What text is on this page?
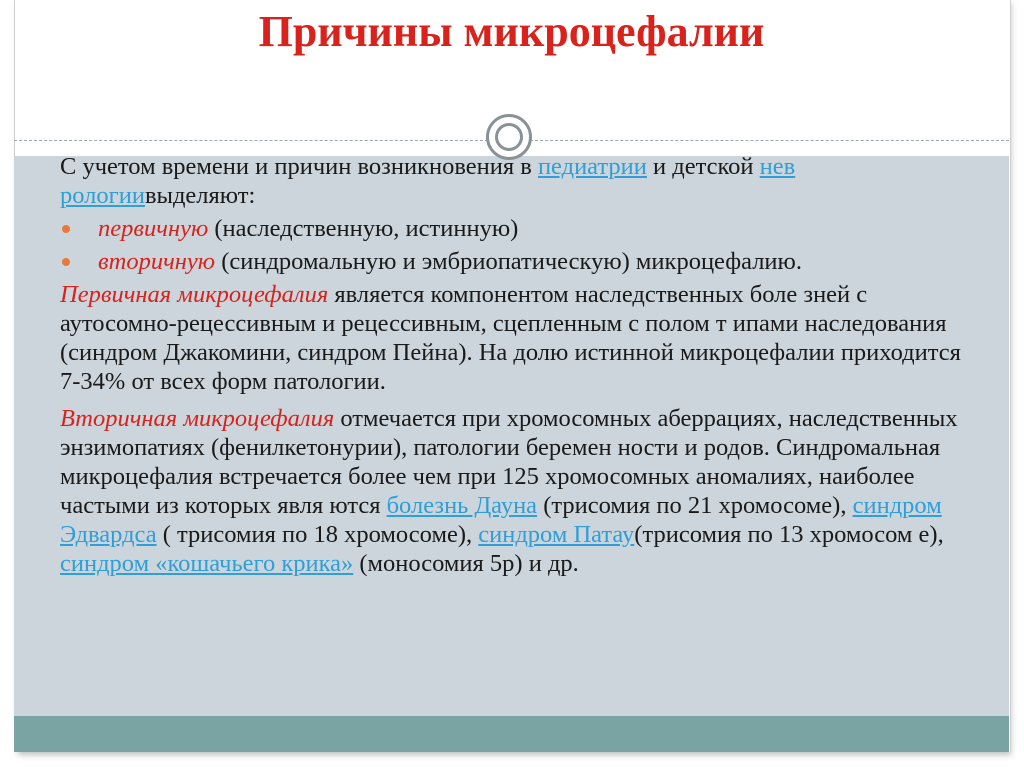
Причины микроцефалии

С учетом времени и причин возникновения в педиатрии и детской нев рологиивыделяют:

первичную (наследственную, истинную)
вторичную (синдромальную и эмбриопатическую) микроцефалию.

Первичная микроцефалия является компонентом наследственных боле зней с аутосомно-рецессивным и рецессивным, сцепленным с полом т ипами наследования (синдром Джакомини, синдром Пейна). На долю истинной микроцефалии приходится 7-34% от всех форм патологии.

Вторичная микроцефалия отмечается при хромосомных аберрациях, наследственных энзимопатиях (фенилкетонурии), патологии беремен ности и родов. Синдромальная микроцефалия встречается более чем при 125 хромосомных аномалиях, наиболее частыми из которых явля ются болезнь Дауна (трисомия по 21 хромосоме), синдром Эдвардса ( трисомия по 18 хромосоме), синдром Патау(трисомия по 13 хромосом е), синдром «кошачьего крика» (моносомия 5р) и др.
